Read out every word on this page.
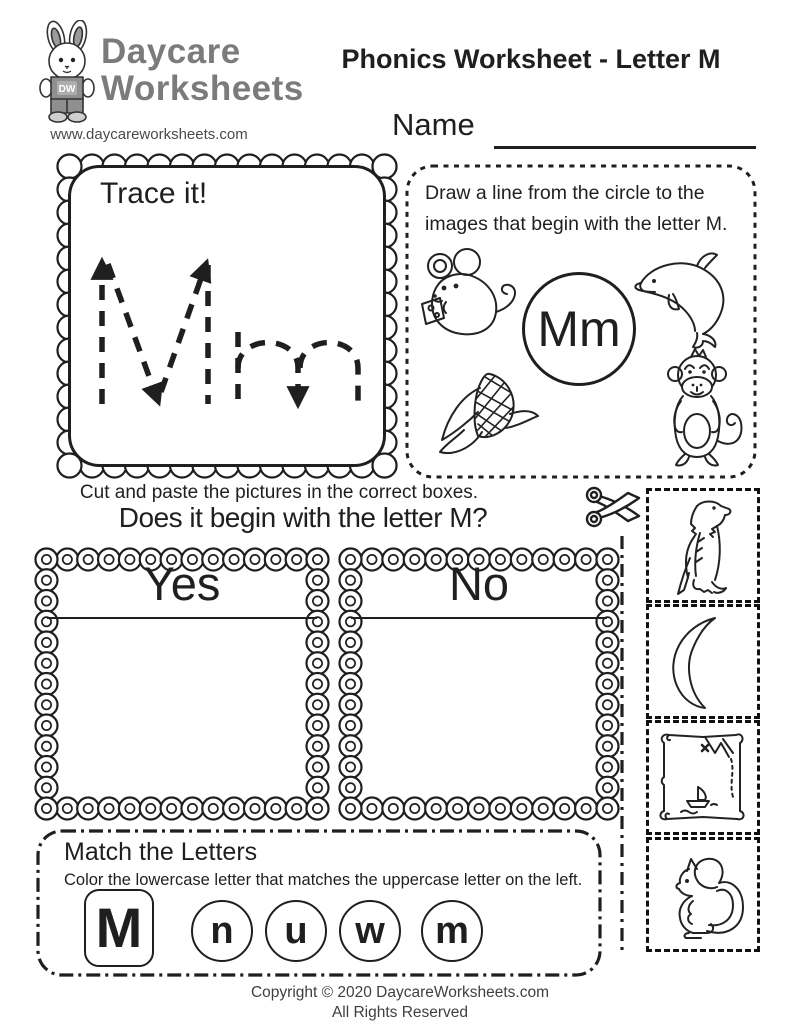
DW
Daycare
Worksheets
www.daycareworksheets.com
Phonics Worksheet - Letter M
Name
Trace it!	Draw a line from the circle to the
images that begin with the letter M.
Mm
Cut and paste the pictures in the correct boxes.
Does it begin with the letter M?
Yes	No
Match the Letters
Color the lowercase letter that matches the uppercase letter on the left.
M	n	u	w	m
Copyright © 2020 DaycareWorksheets.com
All Rights Reserved
